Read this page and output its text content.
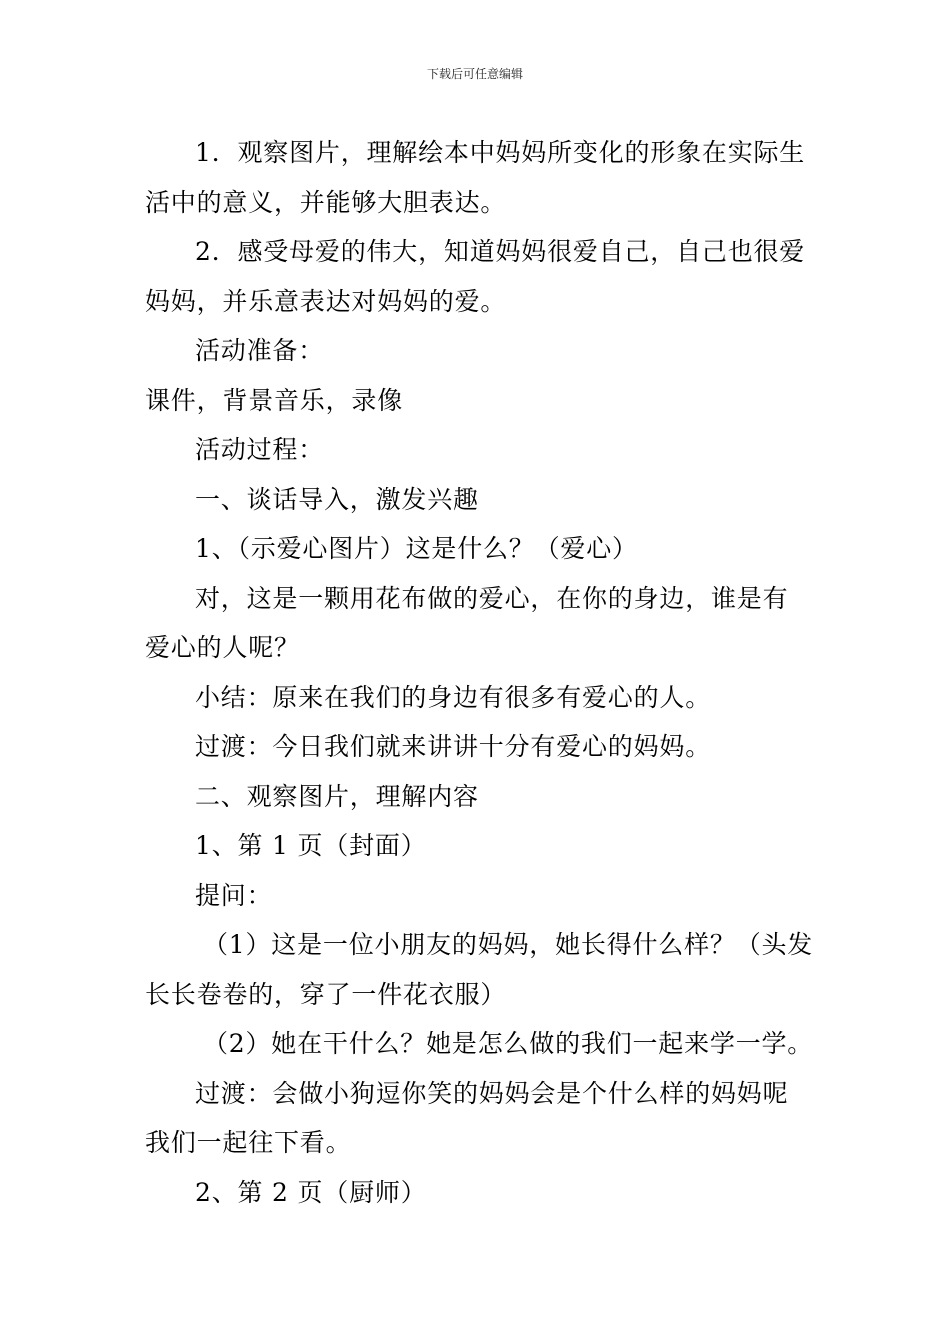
下载后可任意编辑

1．观察图片，理解绘本中妈妈所变化的形象在实际生

活中的意义，并能够大胆表达。

2．感受母爱的伟大，知道妈妈很爱自己，自己也很爱

妈妈，并乐意表达对妈妈的爱。

活动准备：

课件，背景音乐，录像

活动过程：

一、谈话导入，激发兴趣

1、（示爱心图片）这是什么？（爱心）

对，这是一颗用花布做的爱心，在你的身边，谁是有

爱心的人呢？

小结：原来在我们的身边有很多有爱心的人。

过渡：今日我们就来讲讲十分有爱心的妈妈。

二、观察图片，理解内容

1、第 1 页（封面）

提问：

（1）这是一位小朋友的妈妈，她长得什么样？（头发

长长卷卷的，穿了一件花衣服）

（2）她在干什么？她是怎么做的我们一起来学一学。

过渡：会做小狗逗你笑的妈妈会是个什么样的妈妈呢

我们一起往下看。

2、第 2 页（厨师）
